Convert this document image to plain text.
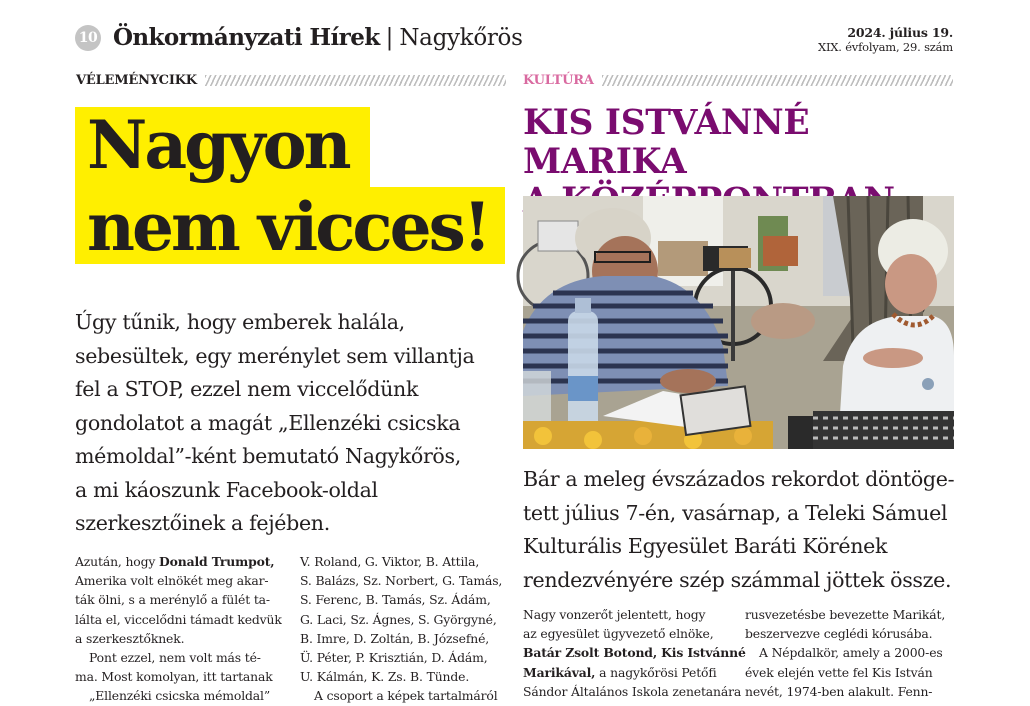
10 Önkormányzati Hírek | Nagykőrös	2024. július 19.
XIX. évfolyam, 29. szám
VÉLEMÉNYCIKK	KULTÚRA
Nagyon
nem vicces!
KIS ISTVÁNNÉ MARIKA
Úgy tűnik, hogy emberek halála,
sebesültek, egy merénylet sem villantja
fel a STOP, ezzel nem viccelődünk
gondolatot a magát „Ellenzéki csicska
mémoldal”-ként bemutató Nagykőrös,
a mi káoszunk Facebook-oldal
szerkesztőinek a fejében.
Bár a meleg évszázados rekordot döntöge-
tett július 7-én, vasárnap, a Teleki Sámuel
Kulturális Egyesület Baráti Körének
rendezvényére szép számmal jöttek össze.
Azután, hogy Donald Trumpot,
Amerika volt elnökét meg akar-
ták ölni, s a merénylő a fülét ta-
lálta el, viccelődni támadt kedvük
a szerkesztőknek.
Pont ezzel, nem volt más té-
ma. Most komolyan, itt tartanak
„Ellenzéki csicska mémoldal”
V. Roland, G. Viktor, B. Attila,
S. Balázs, Sz. Norbert, G. Tamás,
S. Ferenc, B. Tamás, Sz. Ádám,
G. Laci, Sz. Ágnes, S. Györgyné,
B. Imre, D. Zoltán, B. Józsefné,
Ü. Péter, P. Krisztián, D. Ádám,
U. Kálmán, K. Zs. B. Tünde.
A csoport a képek tartalmáról
Nagy vonzerőt jelentett, hogy
az egyesület ügyvezető elnöke,
Batár Zsolt Botond, Kis Istvánné
Marikával, a nagykőrösi Petőfi
Sándor Általános Iskola zenetanára
rusvezetésbe bevezette Marikát,
beszervezve ceglédi kórusába.
A Népdalkör, amely a 2000-es
évek elején vette fel Kis István
nevét, 1974-ben alakult. Fenn-
